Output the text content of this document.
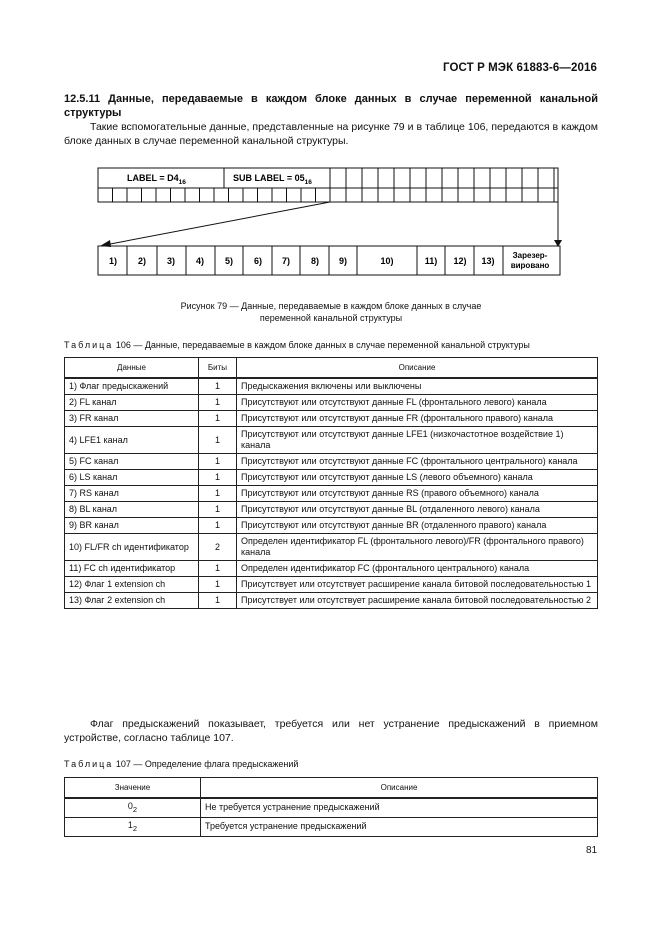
ГОСТ Р МЭК 61883-6—2016
12.5.11 Данные, передаваемые в каждом блоке данных в случае переменной канальной структуры
Такие вспомогательные данные, представленные на рисунке 79 и в таблице 106, передаются в каждом блоке данных в случае переменной канальной структуры.
LABEL = $D4_{16}$	SUB LABEL = $05_{16}$
1) 2) 3) 4) 5) 6) 7) 8) 9)	10)	11) 12) 13)
Зарезер-
вировано
Рисунок 79 — Данные, передаваемые в каждом блоке данных в случае
переменной канальной структуры
Таблица 106 — Данные, передаваемые в каждом блоке данных в случае переменной канальной структуры
Данные	Биты	Описание
1) Флаг предыскажений	1	Предыскажения включены или выключены
2) FL канал	1	Присутствуют или отсутствуют данные FL (фронтального левого) канала
3) FR канал	1	Присутствуют или отсутствуют данные FR (фронтального правого) канала
4) LFE1 канал	1	Присутствуют или отсутствуют данные LFE1 (низкочастотное воздействие 1) канала
5) FC канал	1	Присутствуют или отсутствуют данные FC (фронтального центрального) канала
6) LS канал	1	Присутствуют или отсутствуют данные LS (левого объемного) канала
7) RS канал	1	Присутствуют или отсутствуют данные RS (правого объемного) канала
8) BL канал	1	Присутствуют или отсутствуют данные BL (отдаленного левого) канала
9) BR канал	1	Присутствуют или отсутствуют данные BR (отдаленного правого) канала
10) FL/FR ch идентификатор	2	Определен идентификатор FL (фронтального левого)/FR (фронтального правого) канала
11) FC ch идентификатор	1	Определен идентификатор FC (фронтального центрального) канала
12) Флаг 1 extension ch	1	Присутствует или отсутствует расширение канала битовой последовательностью 1
13) Флаг 2 extension ch	1	Присутствует или отсутствует расширение канала битовой последовательностью 2
Флаг предыскажений показывает, требуется или нет устранение предыскажений в приемном устройстве, согласно таблице 107.
Таблица 107 — Определение флага предыскажений
Значение	Описание
$0_2$	Не требуется устранение предыскажений
$1_2$	Требуется устранение предыскажений
81
